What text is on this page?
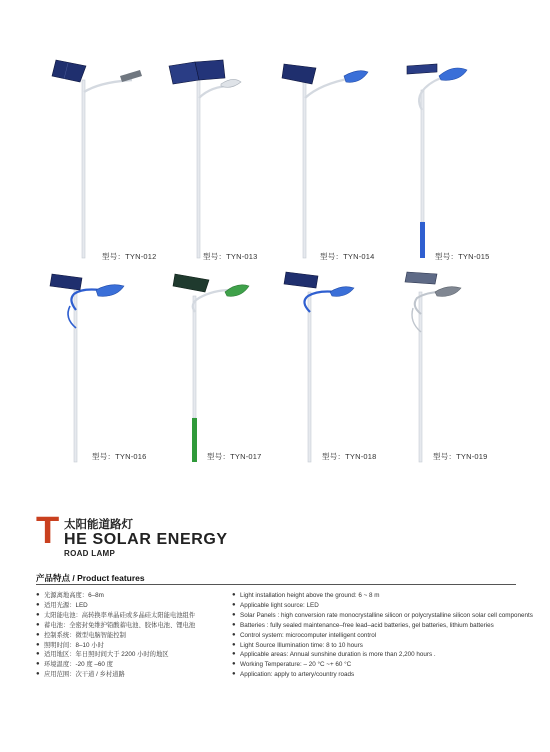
型号：TYN-012	型号：TYN-013	型号：TYN-014	型号：TYN-015
型号：TYN-016	型号：TYN-017	型号：TYN-018	型号：TYN-019
T 太阳能道路灯
HE SOLAR ENERGY
ROAD LAMP
产品特点 / Product features
● 光源离地高度：6–8m
● 适用光源：LED
● 太阳能电池：高转换率单晶硅或多晶硅太阳能电池组件
● 蓄电池：全密封免维护铅酸蓄电池、胶体电池、锂电池
● 控制系统：微型电脑智能控制
● 照明时间：8–10 小时
● 适用地区：年日照时间大于 2200 小时的地区
● 环境温度：-20 度 –60 度
● 应用范围：次干道 / 乡村道路
● Light installation height above the ground: 6 ~ 8 m
● Applicable light source: LED
● Solar Panels : high conversion rate monocrystalline silicon or polycrystalline silicon solar cell components
● Batteries : fully sealed maintenance–free lead–acid batteries, gel batteries, lithium batteries
● Control system: microcomputer intelligent control
● Light Source Illumination time: 8 to 10 hours
● Applicable areas: Annual sunshine duration is more than 2,200 hours .
● Working Temperature: – 20 °C ~+ 60 °C
● Application: apply to artery/country roads
